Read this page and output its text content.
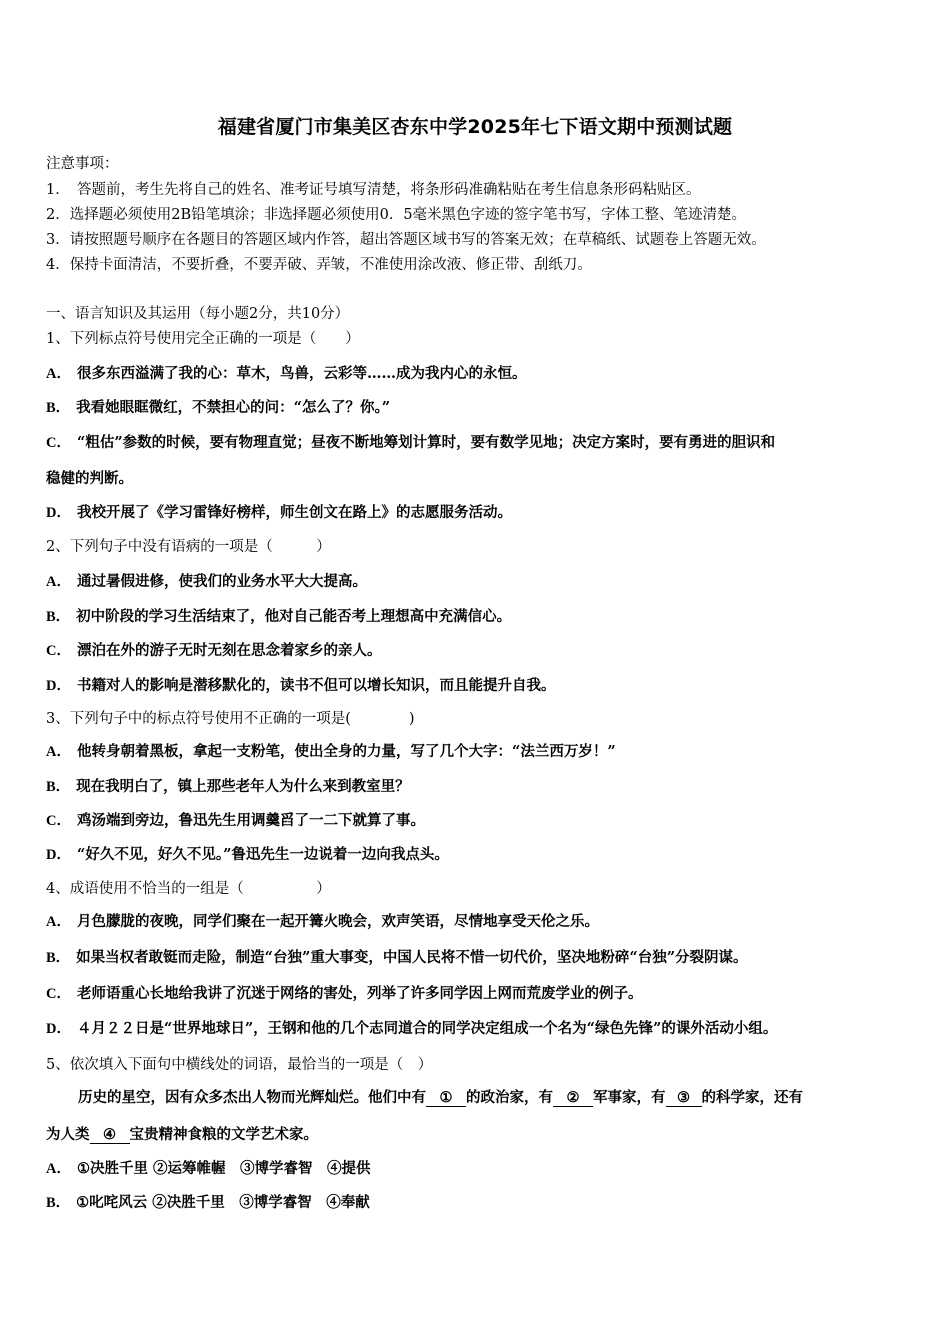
福建省厦门市集美区杏东中学2025年七下语文期中预测试题
注意事项：
1．　答题前，考生先将自己的姓名、准考证号填写清楚，将条形码准确粘贴在考生信息条形码粘贴区。
2．选择题必须使用2B铅笔填涂；非选择题必须使用0．5毫米黑色字迹的签字笔书写，字体工整、笔迹清楚。
3．请按照题号顺序在各题目的答题区域内作答，超出答题区域书写的答案无效；在草稿纸、试题卷上答题无效。
4．保持卡面清洁，不要折叠，不要弄破、弄皱，不准使用涂改液、修正带、刮纸刀。
一、语言知识及其运用（每小题2分，共10分）
1、下列标点符号使用完全正确的一项是（　　）
A． 很多东西溢满了我的心：草木，鸟兽，云彩等……成为我内心的永恒。
B． 我看她眼眶微红，不禁担心的问：“怎么了？你。”
C． “粗估”参数的时候，要有物理直觉；昼夜不断地筹划计算时，要有数学见地；决定方案时，要有勇进的胆识和
稳健的判断。
D． 我校开展了《学习雷锋好榜样，师生创文在路上》的志愿服务活动。
2、下列句子中没有语病的一项是（　　　）
A． 通过暑假进修，使我们的业务水平大大提高。
B． 初中阶段的学习生活结束了，他对自己能否考上理想高中充满信心。
C． 漂泊在外的游子无时无刻在思念着家乡的亲人。
D． 书籍对人的影响是潜移默化的，读书不但可以增长知识，而且能提升自我。
3、下列句子中的标点符号使用不正确的一项是(　　　　)
A． 他转身朝着黑板，拿起一支粉笔，使出全身的力量，写了几个大字：“法兰西万岁！”
B． 现在我明白了，镇上那些老年人为什么来到教室里？
C． 鸡汤端到旁边，鲁迅先生用调羹舀了一二下就算了事。
D． “好久不见，好久不见。”鲁迅先生一边说着一边向我点头。
4、成语使用不恰当的一组是（　　　　　）
A． 月色朦胧的夜晚，同学们聚在一起开篝火晚会，欢声笑语，尽情地享受天伦之乐。
B． 如果当权者敢铤而走险，制造“台独”重大事变，中国人民将不惜一切代价，坚决地粉碎“台独”分裂阴谋。
C． 老师语重心长地给我讲了沉迷于网络的害处，列举了许多同学因上网而荒废学业的例子。
D． ４月２２日是“世界地球日”，王钢和他的几个志同道合的同学决定组成一个名为“绿色先锋”的课外活动小组。
5、依次填入下面句中横线处的词语，最恰当的一项是（　）
历史的星空，因有众多杰出人物而光辉灿烂。他们中有 ① 的政治家，有 ② 军事家，有 ③ 的科学家，还有
为人类 ④ 宝贵精神食粮的文学艺术家。
A． ①决胜千里 ②运筹帷幄　③博学睿智　④提供
B． ①叱咤风云 ②决胜千里　③博学睿智　④奉献
